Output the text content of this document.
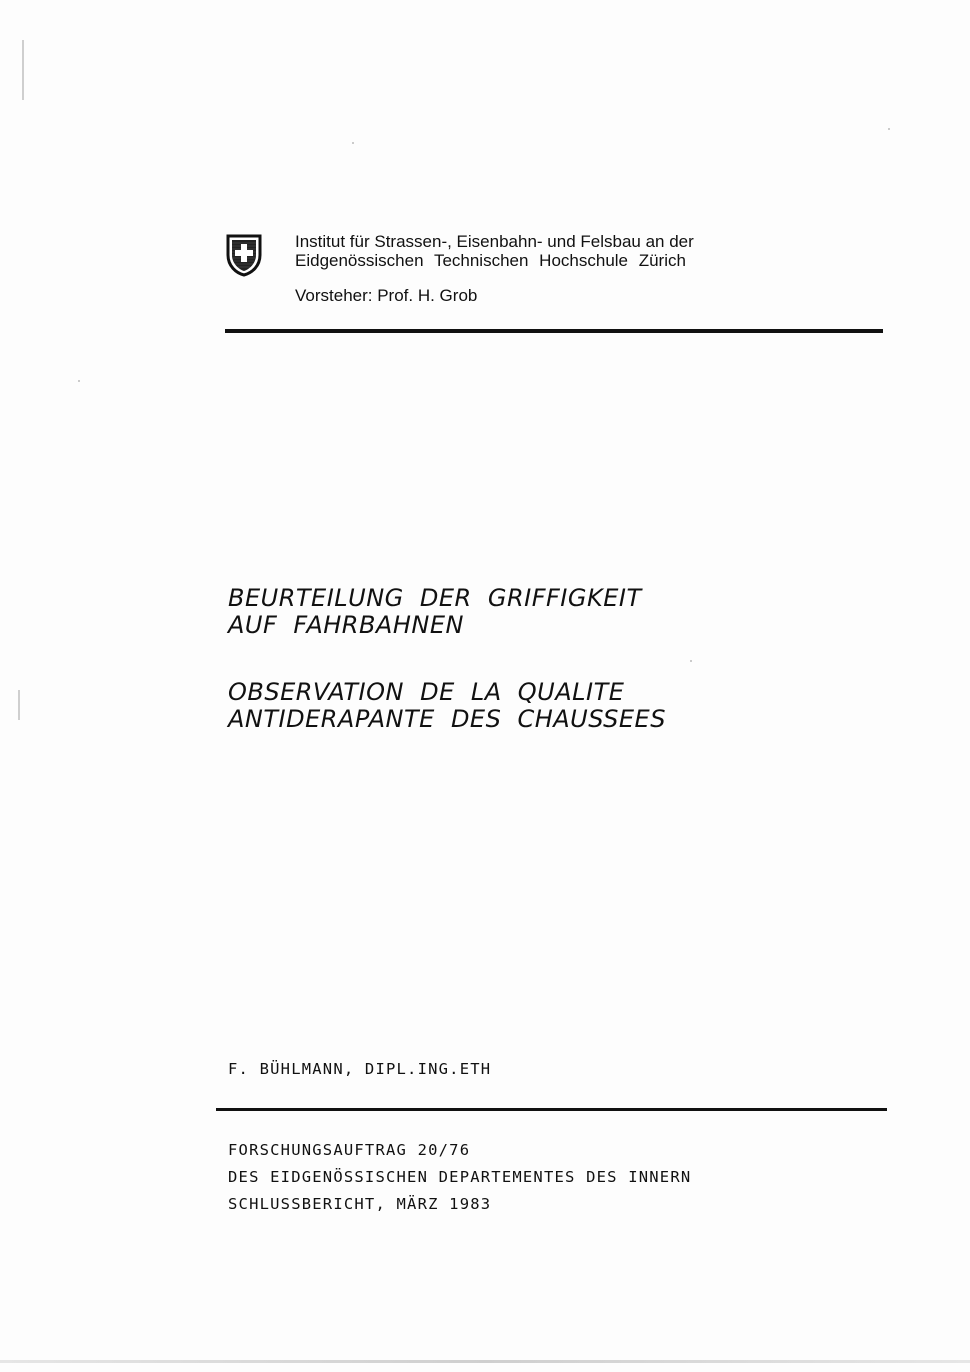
Institut für Strassen-, Eisenbahn- und Felsbau an der
Eidgenössischen Technischen Hochschule Zürich
Vorsteher: Prof. H. Grob
BEURTEILUNG DER GRIFFIGKEIT
AUF FAHRBAHNEN
OBSERVATION DE LA QUALITE
ANTIDERAPANTE DES CHAUSSEES
F. BÜHLMANN, DIPL.ING.ETH
FORSCHUNGSAUFTRAG 20/76
DES EIDGENÖSSISCHEN DEPARTEMENTES DES INNERN
SCHLUSSBERICHT, MÄRZ 1983
